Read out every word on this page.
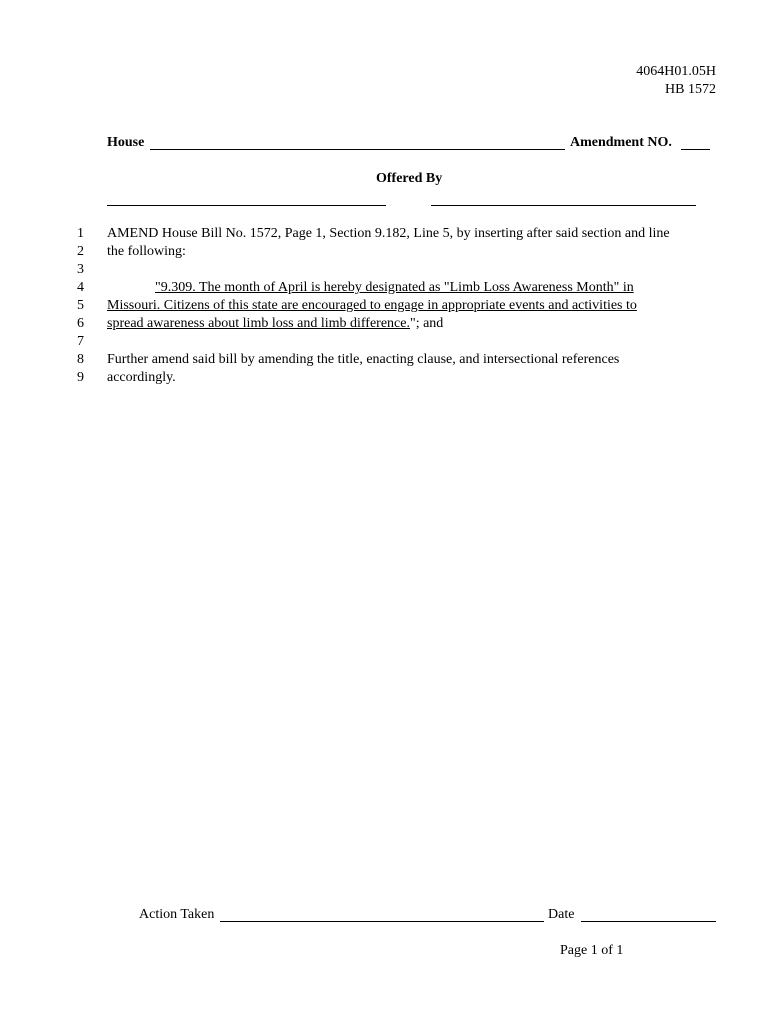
4064H01.05H
HB 1572
House	Amendment NO.
Offered By
1
2
3
4
5
6
7
8
9
AMEND House Bill No. 1572, Page 1, Section 9.182, Line 5, by inserting after said section and line
the following:
"9.309. The month of April is hereby designated as "Limb Loss Awareness Month" in
Missouri. Citizens of this state are encouraged to engage in appropriate events and activities to
spread awareness about limb loss and limb difference."; and
Further amend said bill by amending the title, enacting clause, and intersectional references
accordingly.
Action Taken	Date
Page 1 of 1
